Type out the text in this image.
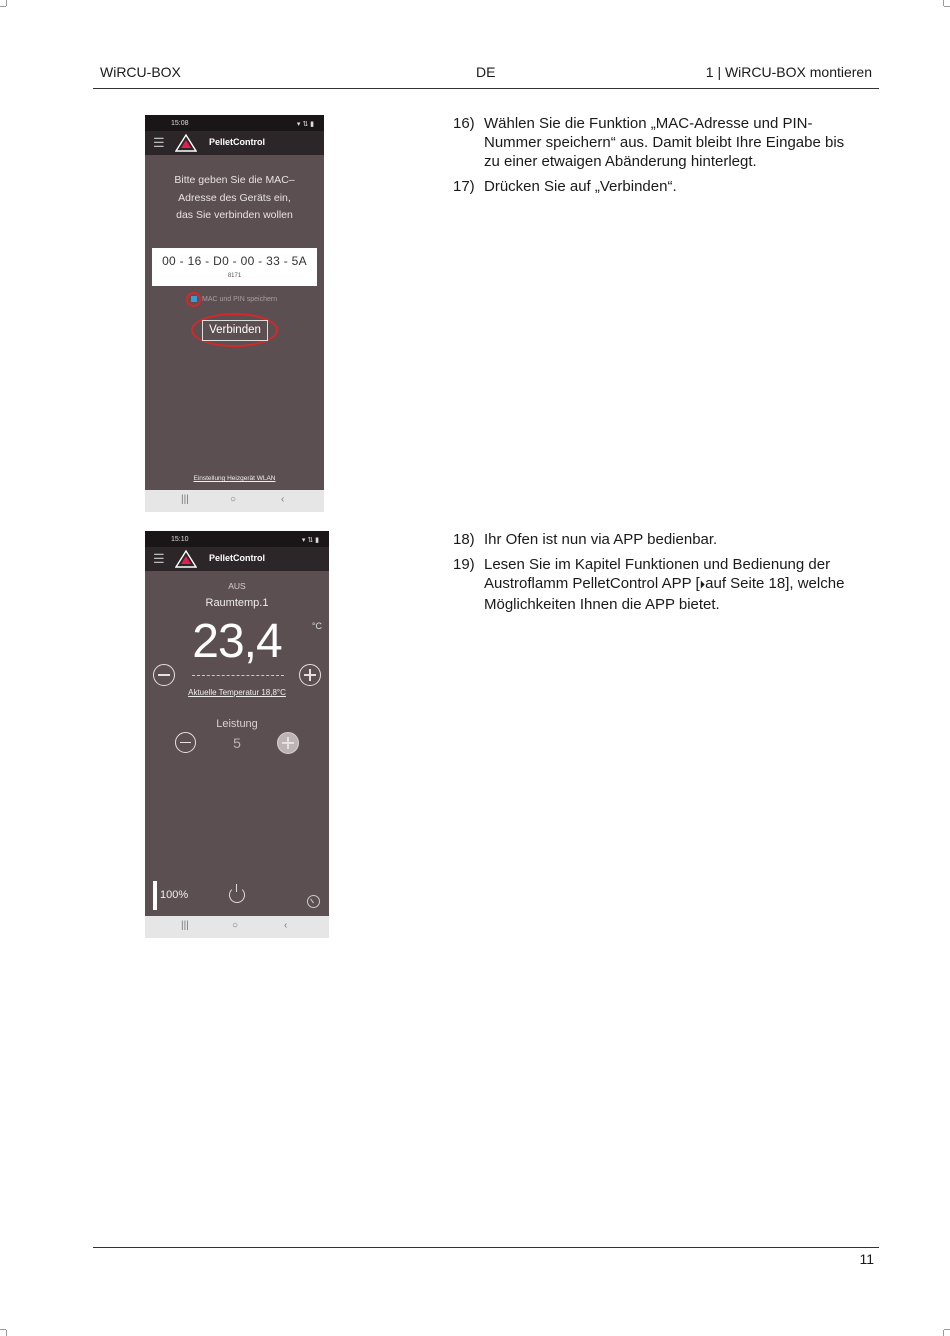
WiRCU-BOX	DE	1 | WiRCU-BOX montieren
15:08	▾ ⇅ ▮
☰	PelletControl
Bitte geben Sie die MAC–Adresse des Geräts ein, das Sie verbinden wollen
00 - 16 - D0 - 00 - 33 - 5A
8171
MAC und PIN speichern
Verbinden
Einstellung Heizgerät WLAN
|||	○	‹
16) Wählen Sie die Funktion „MAC-Adresse und PIN-Nummer speichern“ aus. Damit bleibt Ihre Eingabe bis zu einer etwaigen Abänderung hinterlegt.
17) Drücken Sie auf „Verbinden“.
15:10	▾ ⇅ ▮
☰	PelletControl
AUS
Raumtemp.1
23,4	°C
Aktuelle Temperatur 18,8°C
Leistung
5
100%
|||	○	‹
18) Ihr Ofen ist nun via APP bedienbar.
19) Lesen Sie im Kapitel Funktionen und Bedienung der Austroflamm PelletControl APP [⏵auf Seite 18], welche Möglichkeiten Ihnen die APP bietet.
11
